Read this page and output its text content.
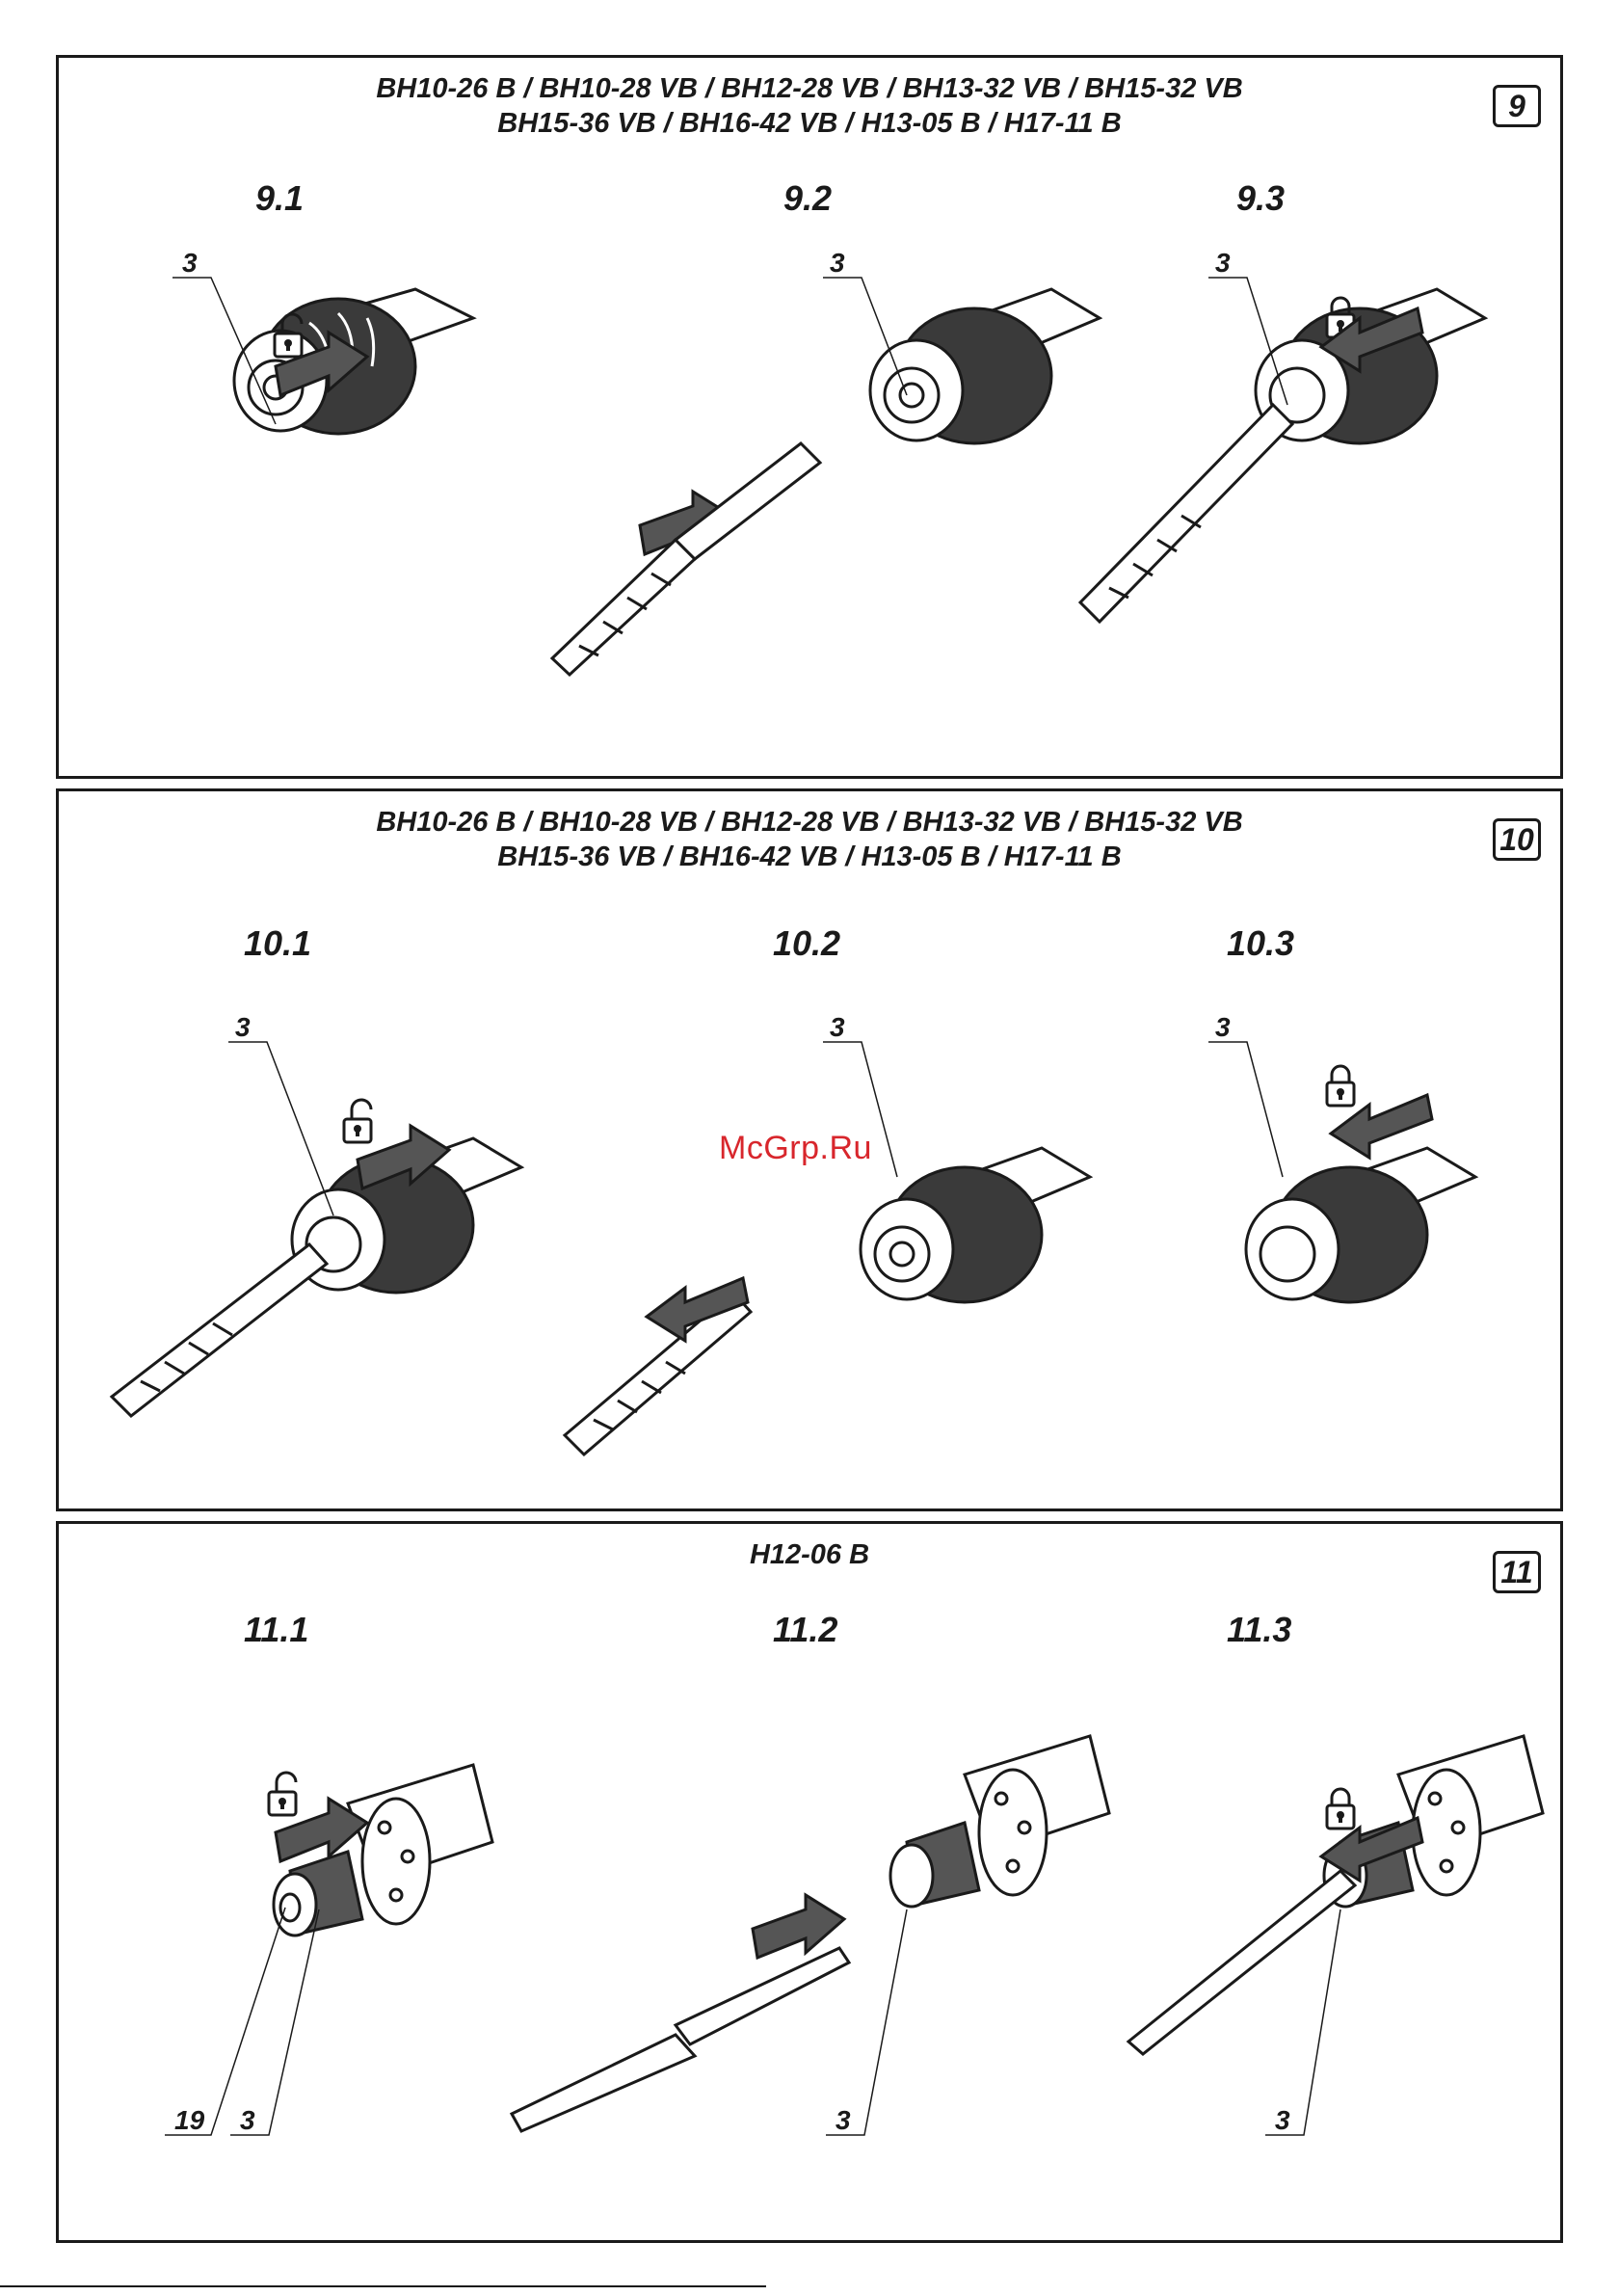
BH10-26 B / BH10-28 VB / BH12-28 VB / BH13-32 VB / BH15-32 VB
BH15-36 VB / BH16-42 VB / H13-05 B / H17-11 B	9
9.1	9.2	9.3
3	3	3
BH10-26 B / BH10-28 VB / BH12-28 VB / BH13-32 VB / BH15-32 VB
BH15-36 VB / BH16-42 VB / H13-05 B / H17-11 B	10
10.1	10.2	10.3
3	3	3
H12-06 B	11
11.1	11.2	11.3
19 3	3	3
McGrp.Ru
